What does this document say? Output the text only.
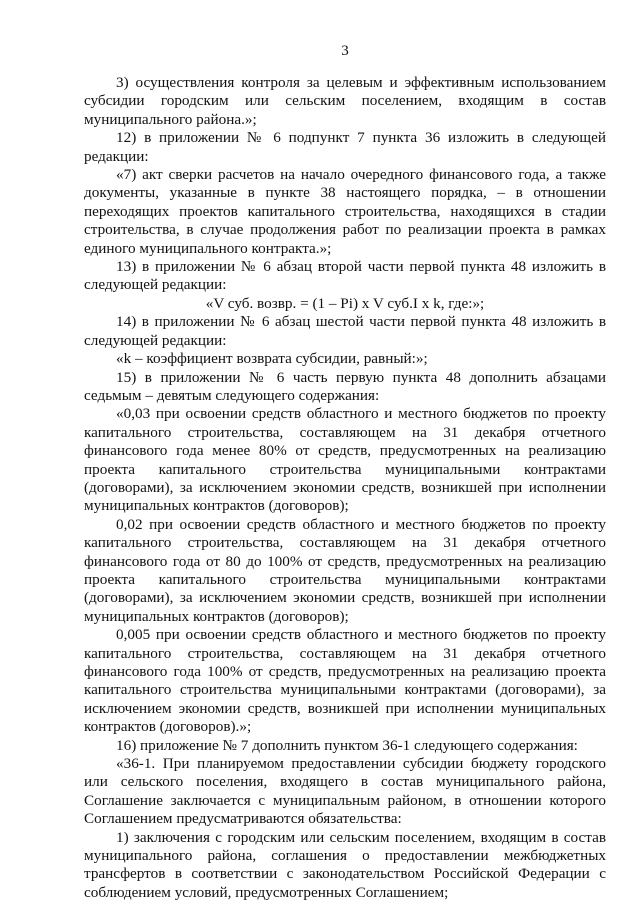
3

3) осуществления контроля за целевым и эффективным использованием субсидии городским или сельским поселением, входящим в состав муниципального района.»;

12) в приложении № 6 подпункт 7 пункта 36 изложить в следующей редакции:

«7) акт сверки расчетов на начало очередного финансового года, а также документы, указанные в пункте 38 настоящего порядка, – в отношении переходящих проектов капитального строительства, находящихся в стадии строительства, в случае продолжения работ по реализации проекта в рамках единого муниципального контракта.»;

13) в приложении № 6 абзац второй части первой пункта 48 изложить в следующей редакции:

«V суб. возвр. = (1 – Pi) x V суб.I x k, где:»;

14) в приложении № 6 абзац шестой части первой пункта 48 изложить в следующей редакции:

«k – коэффициент возврата субсидии, равный:»;

15) в приложении № 6 часть первую пункта 48 дополнить абзацами седьмым – девятым следующего содержания:

«0,03 при освоении средств областного и местного бюджетов по проекту капитального строительства, составляющем на 31 декабря отчетного финансового года менее 80% от средств, предусмотренных на реализацию проекта капитального строительства муниципальными контрактами (договорами), за исключением экономии средств, возникшей при исполнении муниципальных контрактов (договоров);

0,02 при освоении средств областного и местного бюджетов по проекту капитального строительства, составляющем на 31 декабря отчетного финансового года от 80 до 100% от средств, предусмотренных на реализацию проекта капитального строительства муниципальными контрактами (договорами), за исключением экономии средств, возникшей при исполнении муниципальных контрактов (договоров);

0,005 при освоении средств областного и местного бюджетов по проекту капитального строительства, составляющем на 31 декабря отчетного финансового года 100% от средств, предусмотренных на реализацию проекта капитального строительства муниципальными контрактами (договорами), за исключением экономии средств, возникшей при исполнении муниципальных контрактов (договоров).»;

16) приложение № 7 дополнить пунктом 36-1 следующего содержания:

«36-1. При планируемом предоставлении субсидии бюджету городского или сельского поселения, входящего в состав муниципального района, Соглашение заключается с муниципальным районом, в отношении которого Соглашением предусматриваются обязательства:

1) заключения с городским или сельским поселением, входящим в состав муниципального района, соглашения о предоставлении межбюджетных трансфертов в соответствии с законодательством Российской Федерации с соблюдением условий, предусмотренных Соглашением;
